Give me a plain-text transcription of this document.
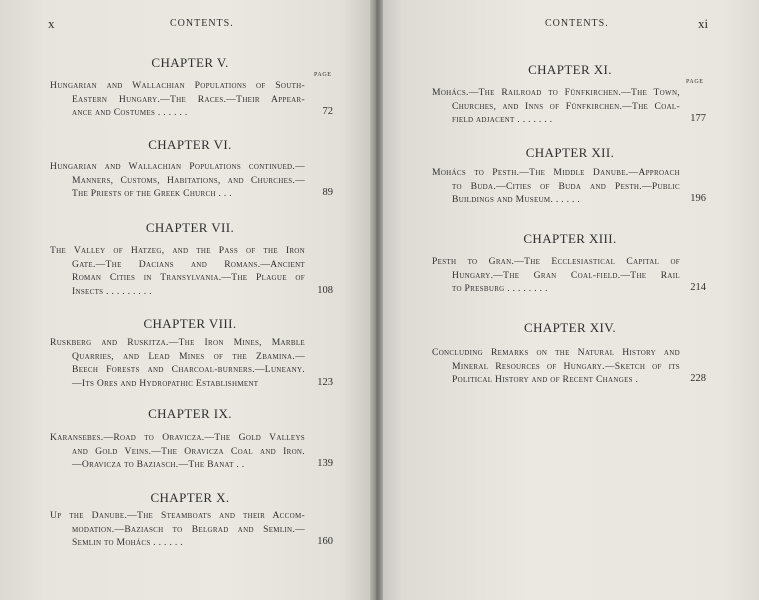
x	CONTENTS.
PAGE
CHAPTER V.
Hungarian and Wallachian Populations of South-
Eastern Hungary.—The Races.—Their Appear-
ance and Costumes . . . . . .	72
CHAPTER VI.
Hungarian and Wallachian Populations continued.—
Manners, Customs, Habitations, and Churches.—
The Priests of the Greek Church . . .	89
CHAPTER VII.
The Valley of Hatzeg, and the Pass of the Iron
Gate.—The Dacians and Romans.—Ancient
Roman Cities in Transylvania.—The Plague of
Insects . . . . . . . . .	108
CHAPTER VIII.
Ruskberg and Ruskitza.—The Iron Mines, Marble
Quarries, and Lead Mines of the Zbamina.—
Beech Forests and Charcoal-burners.—Luneany.
—Its Ores and Hydropathic Establishment	123
CHAPTER IX.
Karansebes.—Road to Oravicza.—The Gold Valleys
and Gold Veins.—The Oravicza Coal and Iron.
—Oravicza to Baziasch.—The Banat . .	139
CHAPTER X.
Up the Danube.—The Steamboats and their Accom-
modation.—Baziasch to Belgrad and Semlin.—
Semlin to Mohács . . . . . .	160
CONTENTS.	xi
PAGE
CHAPTER XI.
Mohács.—The Railroad to Fünfkirchen.—The Town,
Churches, and Inns of Fünfkirchen.—The Coal-
field adjacent . . . . . . .	177
CHAPTER XII.
Mohács to Pesth.—The Middle Danube.—Approach
to Buda.—Cities of Buda and Pesth.—Public
Buildings and Museum. . . . . .	196
CHAPTER XIII.
Pesth to Gran.—The Ecclesiastical Capital of
Hungary.—The Gran Coal-field.—The Rail
to Presburg . . . . . . . .	214
CHAPTER XIV.
Concluding Remarks on the Natural History and
Mineral Resources of Hungary.—Sketch of its
Political History and of Recent Changes .	228
